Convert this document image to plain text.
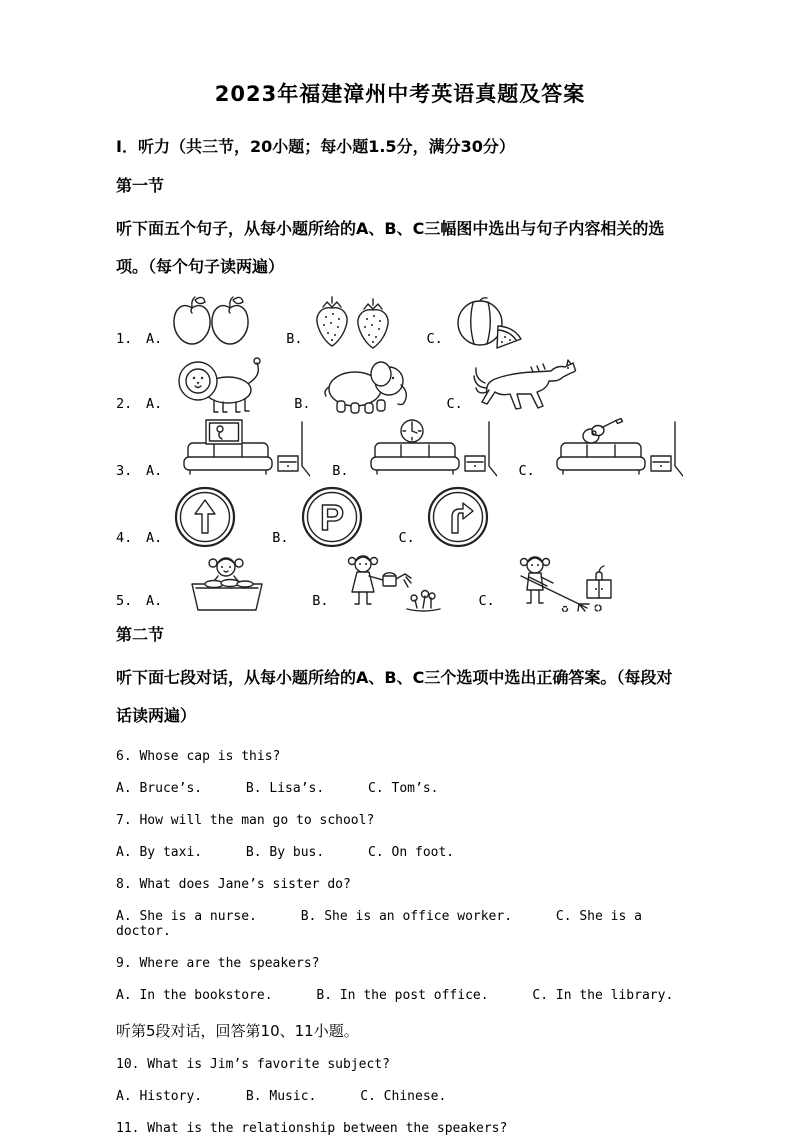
2023年福建漳州中考英语真题及答案

Ⅰ．听力（共三节，20小题；每小题1.5分，满分30分）

第一节

听下面五个句子，从每小题所给的A、B、C三幅图中选出与句子内容相关的选项。（每个句子读两遍）

1.	A.	B.	C.
2.	A.	B.	C.
3.	A.	B.	C.
4.	A.	B. P	C.
5.	A.	B.	C.

第二节

听下面七段对话，从每小题所给的A、B、C三个选项中选出正确答案。（每段对话读两遍）

6. Whose cap is this?

A. Bruce’s.	B. Lisa’s.	C. Tom’s.

7. How will the man go to school?

A. By taxi.	B. By bus.	C. On foot.

8. What does Jane’s sister do?

A. She is a nurse.	B. She is an office worker.	C. She is a doctor.

9. Where are the speakers?

A. In the bookstore.	B. In the post office.	C. In the library.

听第5段对话，回答第10、11小题。

10. What is Jim’s favorite subject?

A. History.	B. Music.	C. Chinese.

11. What is the relationship between the speakers?
